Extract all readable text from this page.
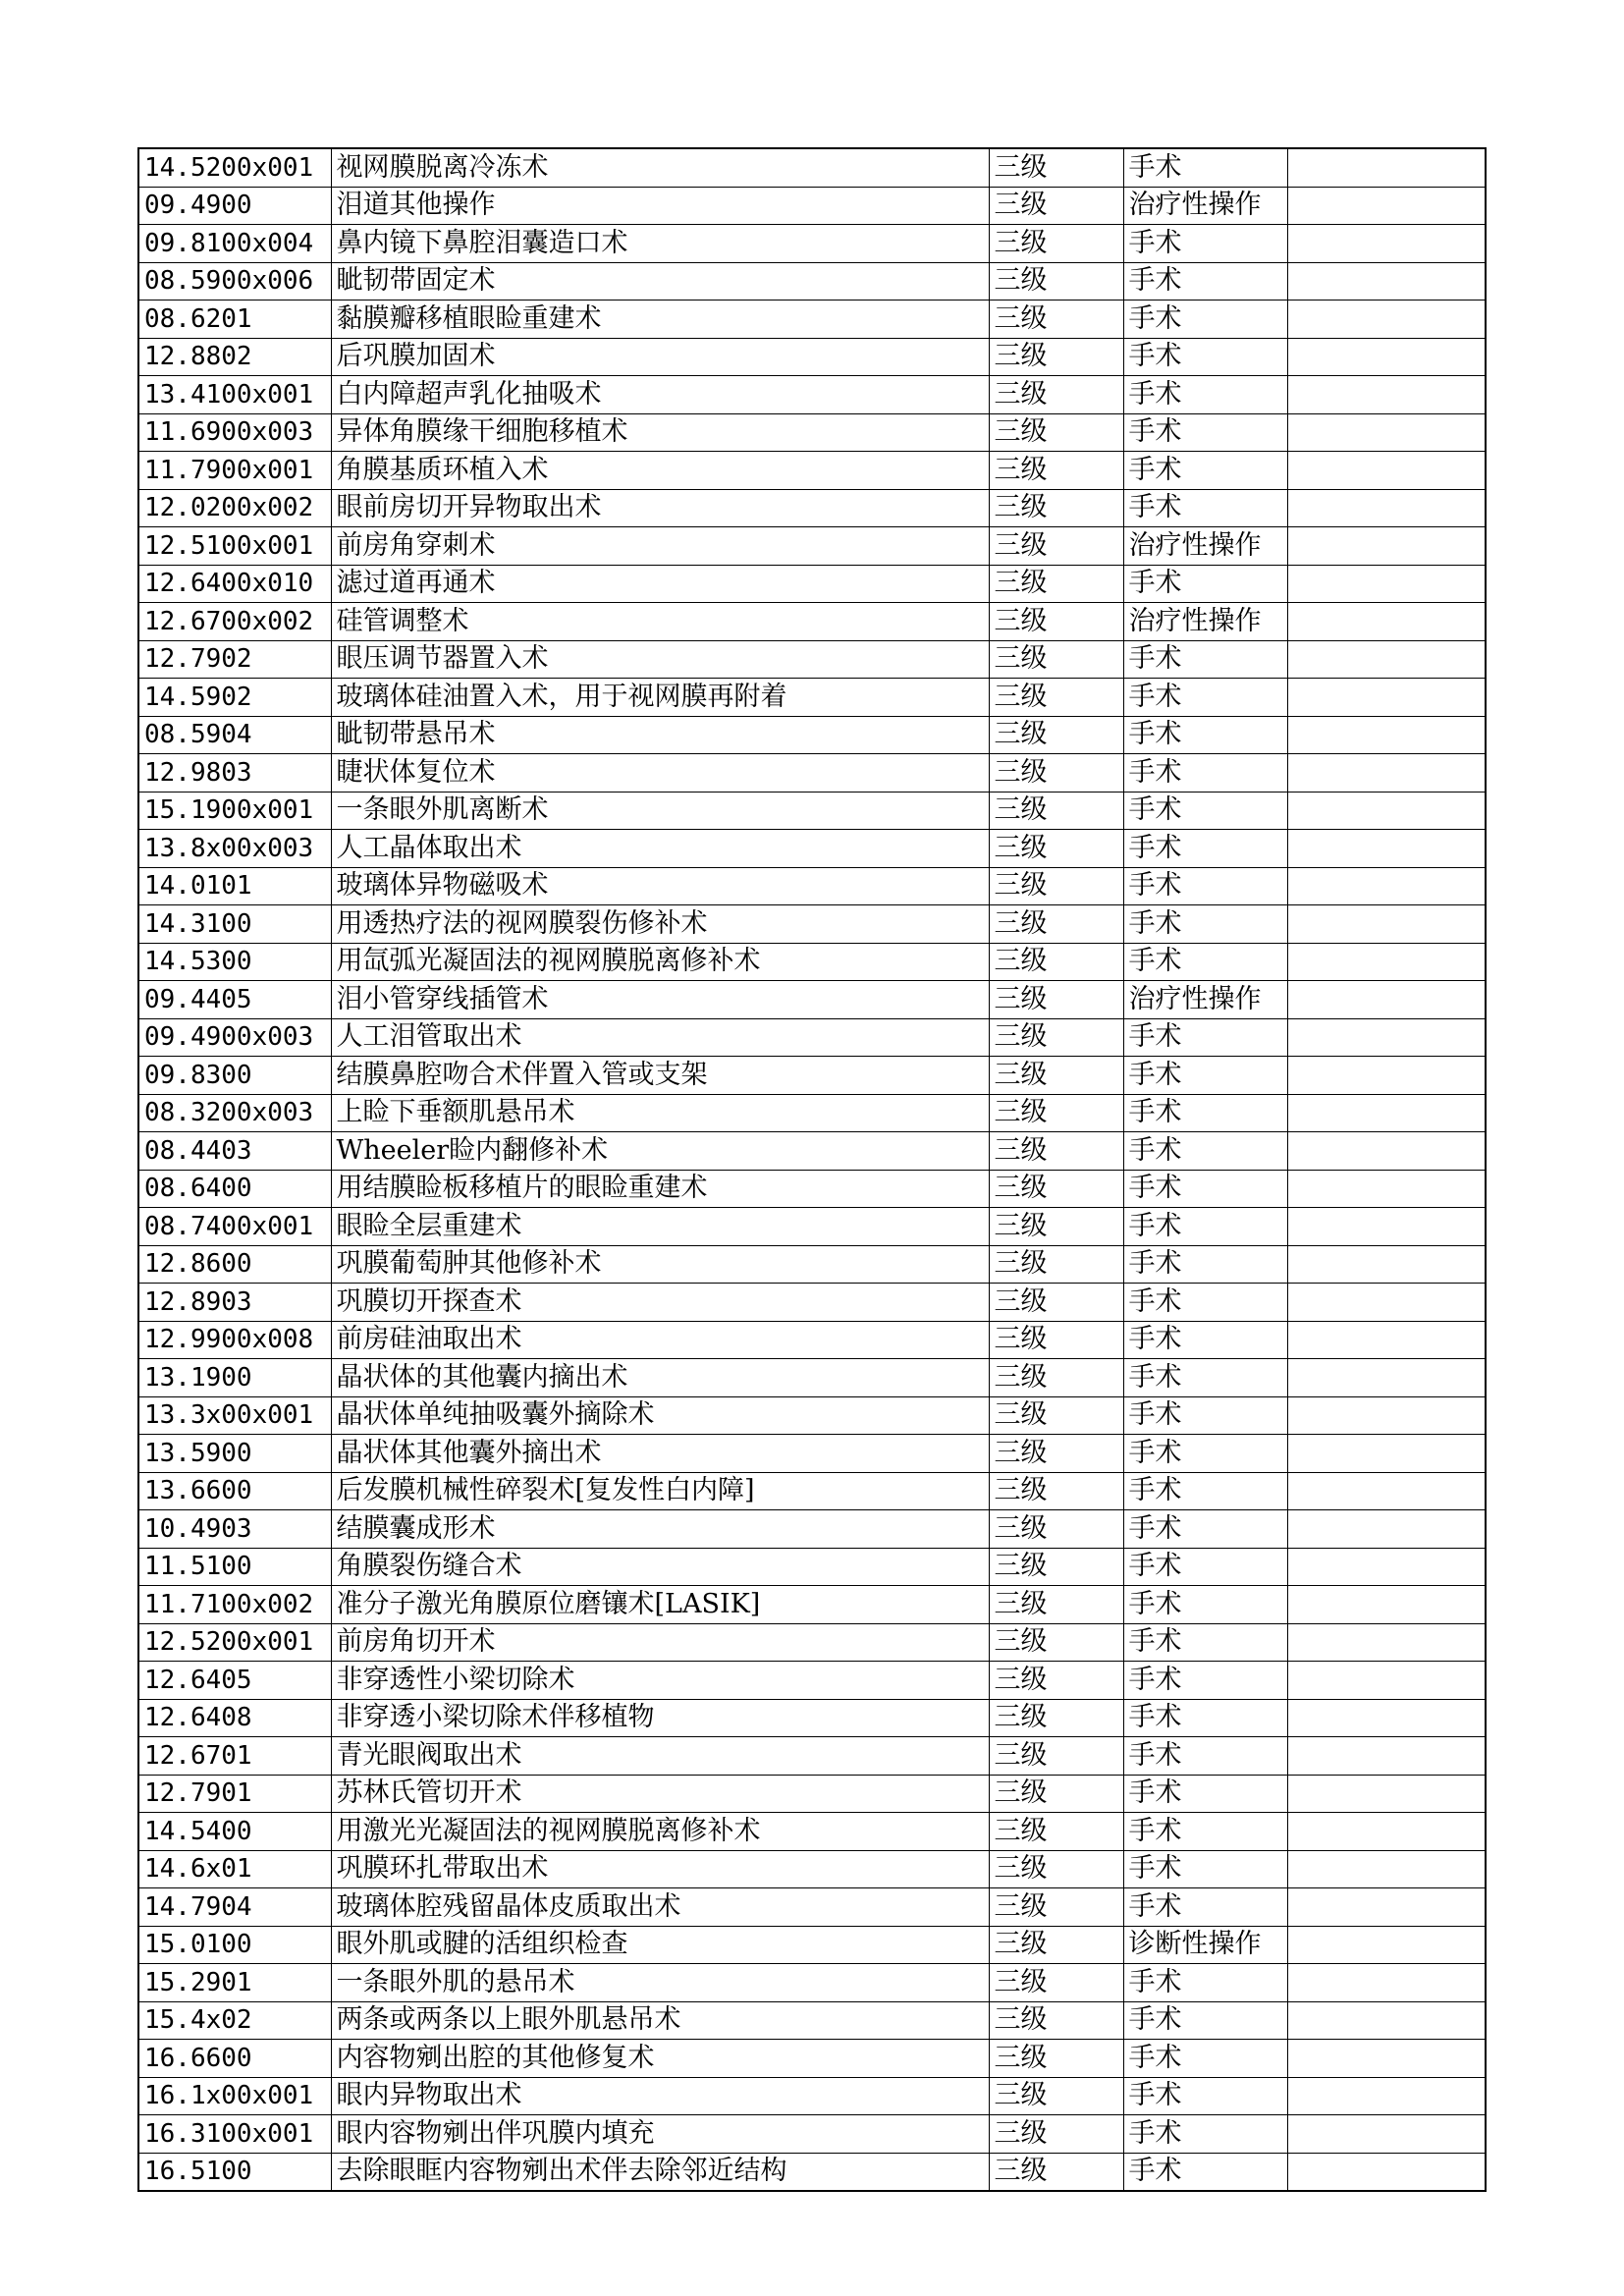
14.5200x001	视网膜脱离冷冻术	三级	手术	
09.4900	泪道其他操作	三级	治疗性操作	
09.8100x004	鼻内镜下鼻腔泪囊造口术	三级	手术	
08.5900x006	眦韧带固定术	三级	手术	
08.6201	黏膜瓣移植眼睑重建术	三级	手术	
12.8802	后巩膜加固术	三级	手术	
13.4100x001	白内障超声乳化抽吸术	三级	手术	
11.6900x003	异体角膜缘干细胞移植术	三级	手术	
11.7900x001	角膜基质环植入术	三级	手术	
12.0200x002	眼前房切开异物取出术	三级	手术	
12.5100x001	前房角穿刺术	三级	治疗性操作	
12.6400x010	滤过道再通术	三级	手术	
12.6700x002	硅管调整术	三级	治疗性操作	
12.7902	眼压调节器置入术	三级	手术	
14.5902	玻璃体硅油置入术，用于视网膜再附着	三级	手术	
08.5904	眦韧带悬吊术	三级	手术	
12.9803	睫状体复位术	三级	手术	
15.1900x001	一条眼外肌离断术	三级	手术	
13.8x00x003	人工晶体取出术	三级	手术	
14.0101	玻璃体异物磁吸术	三级	手术	
14.3100	用透热疗法的视网膜裂伤修补术	三级	手术	
14.5300	用氙弧光凝固法的视网膜脱离修补术	三级	手术	
09.4405	泪小管穿线插管术	三级	治疗性操作	
09.4900x003	人工泪管取出术	三级	手术	
09.8300	结膜鼻腔吻合术伴置入管或支架	三级	手术	
08.3200x003	上睑下垂额肌悬吊术	三级	手术	
08.4403	Wheeler睑内翻修补术	三级	手术	
08.6400	用结膜睑板移植片的眼睑重建术	三级	手术	
08.7400x001	眼睑全层重建术	三级	手术	
12.8600	巩膜葡萄肿其他修补术	三级	手术	
12.8903	巩膜切开探查术	三级	手术	
12.9900x008	前房硅油取出术	三级	手术	
13.1900	晶状体的其他囊内摘出术	三级	手术	
13.3x00x001	晶状体单纯抽吸囊外摘除术	三级	手术	
13.5900	晶状体其他囊外摘出术	三级	手术	
13.6600	后发膜机械性碎裂术[复发性白内障]	三级	手术	
10.4903	结膜囊成形术	三级	手术	
11.5100	角膜裂伤缝合术	三级	手术	
11.7100x002	准分子激光角膜原位磨镶术[LASIK]	三级	手术	
12.5200x001	前房角切开术	三级	手术	
12.6405	非穿透性小梁切除术	三级	手术	
12.6408	非穿透小梁切除术伴移植物	三级	手术	
12.6701	青光眼阀取出术	三级	手术	
12.7901	苏林氏管切开术	三级	手术	
14.5400	用激光光凝固法的视网膜脱离修补术	三级	手术	
14.6x01	巩膜环扎带取出术	三级	手术	
14.7904	玻璃体腔残留晶体皮质取出术	三级	手术	
15.0100	眼外肌或腱的活组织检查	三级	诊断性操作	
15.2901	一条眼外肌的悬吊术	三级	手术	
15.4x02	两条或两条以上眼外肌悬吊术	三级	手术	
16.6600	内容物剜出腔的其他修复术	三级	手术	
16.1x00x001	眼内异物取出术	三级	手术	
16.3100x001	眼内容物剜出伴巩膜内填充	三级	手术	
16.5100	去除眼眶内容物剜出术伴去除邻近结构	三级	手术	
